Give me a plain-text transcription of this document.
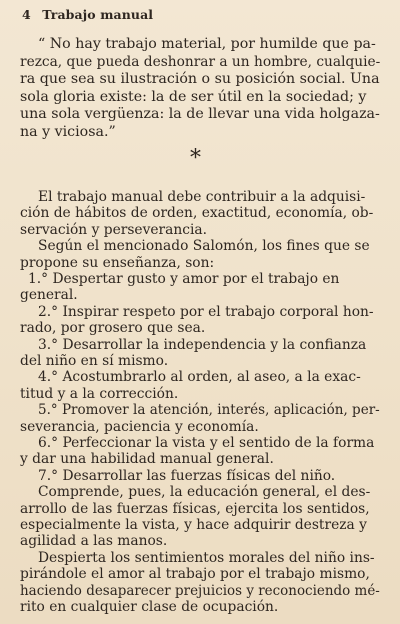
4 Trabajo manual
“ No hay trabajo material, por humilde que pa-
rezca, que pueda deshonrar a un hombre, cualquie-
ra que sea su ilustración o su posición social. Una
sola gloria existe: la de ser útil en la sociedad; y
una sola vergüenza: la de llevar una vida holgaza-
na y viciosa.”
*
El trabajo manual debe contribuir a la adquisi-
ción de hábitos de orden, exactitud, economía, ob-
servación y perseverancia.
Según el mencionado Salomón, los fines que se
propone su enseñanza, son:
1.° Despertar gusto y amor por el trabajo en
general.
2.° Inspirar respeto por el trabajo corporal hon-
rado, por grosero que sea.
3.° Desarrollar la independencia y la confianza
del niño en sí mismo.
4.° Acostumbrarlo al orden, al aseo, a la exac-
titud y a la corrección.
5.° Promover la atención, interés, aplicación, per-
severancia, paciencia y economía.
6.° Perfeccionar la vista y el sentido de la forma
y dar una habilidad manual general.
7.° Desarrollar las fuerzas físicas del niño.
Comprende, pues, la educación general, el des-
arrollo de las fuerzas físicas, ejercita los sentidos,
especialmente la vista, y hace adquirir destreza y
agilidad a las manos.
Despierta los sentimientos morales del niño ins-
pirándole el amor al trabajo por el trabajo mismo,
haciendo desaparecer prejuicios y reconociendo mé-
rito en cualquier clase de ocupación.
